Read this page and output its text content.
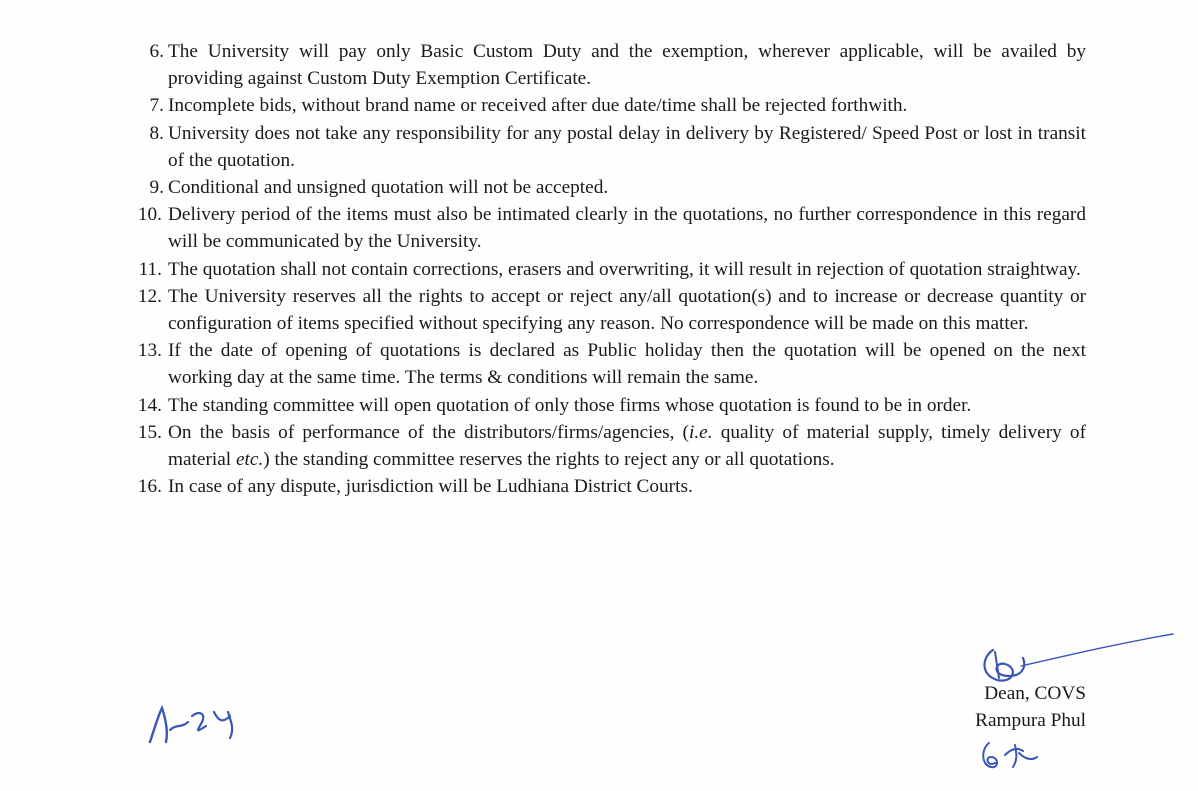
6. The University will pay only Basic Custom Duty and the exemption, wherever applicable, will be availed by providing against Custom Duty Exemption Certificate.
7. Incomplete bids, without brand name or received after due date/time shall be rejected forthwith.
8. University does not take any responsibility for any postal delay in delivery by Registered/ Speed Post or lost in transit of the quotation.
9. Conditional and unsigned quotation will not be accepted.
10. Delivery period of the items must also be intimated clearly in the quotations, no further correspondence in this regard will be communicated by the University.
11. The quotation shall not contain corrections, erasers and overwriting, it will result in rejection of quotation straightway.
12. The University reserves all the rights to accept or reject any/all quotation(s) and to increase or decrease quantity or configuration of items specified without specifying any reason. No correspondence will be made on this matter.
13. If the date of opening of quotations is declared as Public holiday then the quotation will be opened on the next working day at the same time. The terms & conditions will remain the same.
14. The standing committee will open quotation of only those firms whose quotation is found to be in order.
15. On the basis of performance of the distributors/firms/agencies, (i.e. quality of material supply, timely delivery of material etc.) the standing committee reserves the rights to reject any or all quotations.
16. In case of any dispute, jurisdiction will be Ludhiana District Courts.
Dean, COVS
Rampura Phul
